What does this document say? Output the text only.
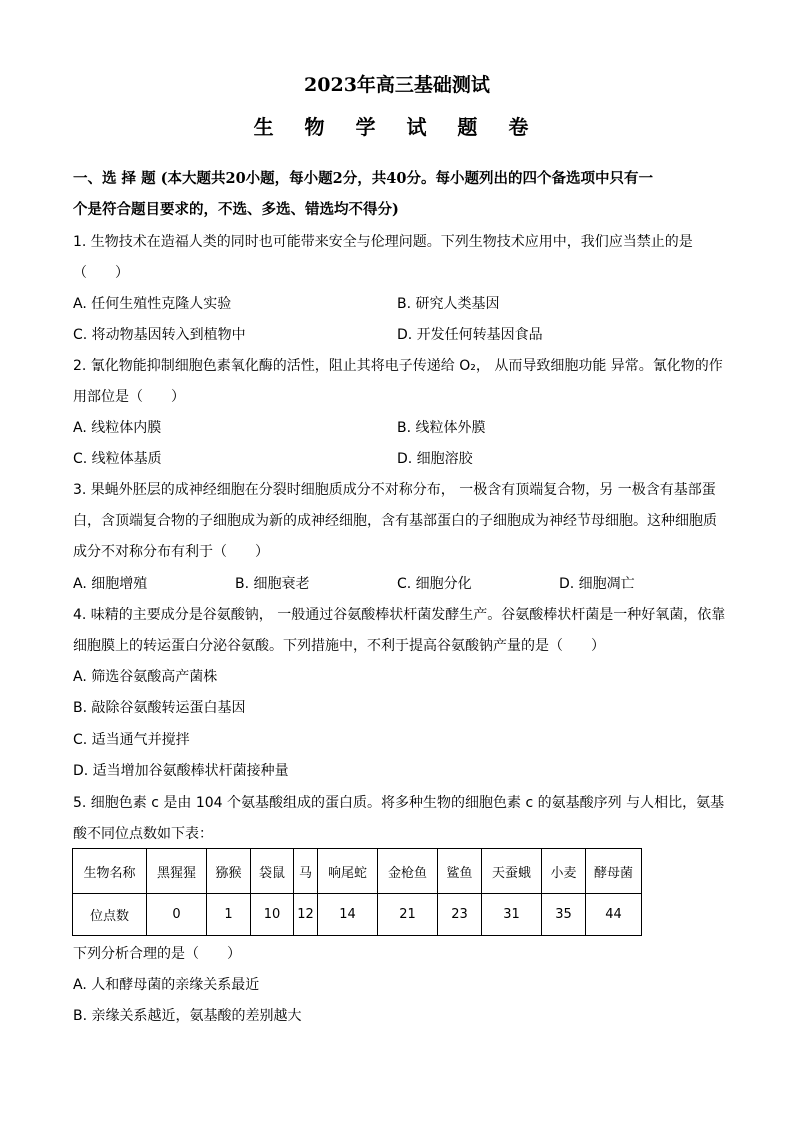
2023年高三基础测试
生 物 学 试 题 卷
一、选 择 题 (本大题共20小题，每小题2分，共40分。每小题列出的四个备选项中只有一
个是符合题目要求的，不选、多选、错选均不得分)
1. 生物技术在造福人类的同时也可能带来安全与伦理问题。下列生物技术应用中，我们应当禁止的是
（　　）
A. 任何生殖性克隆人实验	B. 研究人类基因
C. 将动物基因转入到植物中	D. 开发任何转基因食品
2. 氰化物能抑制细胞色素氧化酶的活性，阻止其将电子传递给 O₂， 从而导致细胞功能 异常。氰化物的作
用部位是（　　）
A. 线粒体内膜	B. 线粒体外膜
C. 线粒体基质	D. 细胞溶胶
3. 果蝇外胚层的成神经细胞在分裂时细胞质成分不对称分布， 一极含有顶端复合物，另 一极含有基部蛋
白，含顶端复合物的子细胞成为新的成神经细胞，含有基部蛋白的子细胞成为神经节母细胞。这种细胞质
成分不对称分布有利于（　　）
A. 细胞增殖	B. 细胞衰老	C. 细胞分化	D. 细胞凋亡
4. 味精的主要成分是谷氨酸钠， 一般通过谷氨酸棒状杆菌发酵生产。谷氨酸棒状杆菌是一种好氧菌，依靠
细胞膜上的转运蛋白分泌谷氨酸。下列措施中，不利于提高谷氨酸钠产量的是（　　）
A. 筛选谷氨酸高产菌株
B. 敲除谷氨酸转运蛋白基因
C. 适当通气并搅拌
D. 适当增加谷氨酸棒状杆菌接种量
5. 细胞色素 c 是由 104 个氨基酸组成的蛋白质。将多种生物的细胞色素 c 的氨基酸序列 与人相比，氨基
酸不同位点数如下表：
生物名称	黑猩猩	猕猴	袋鼠	马	响尾蛇	金枪鱼	鲨鱼	天蚕蛾	小麦	酵母菌
位点数	0	1	10	12	14	21	23	31	35	44
下列分析合理的是（　　）
A. 人和酵母菌的亲缘关系最近
B. 亲缘关系越近，氨基酸的差别越大
